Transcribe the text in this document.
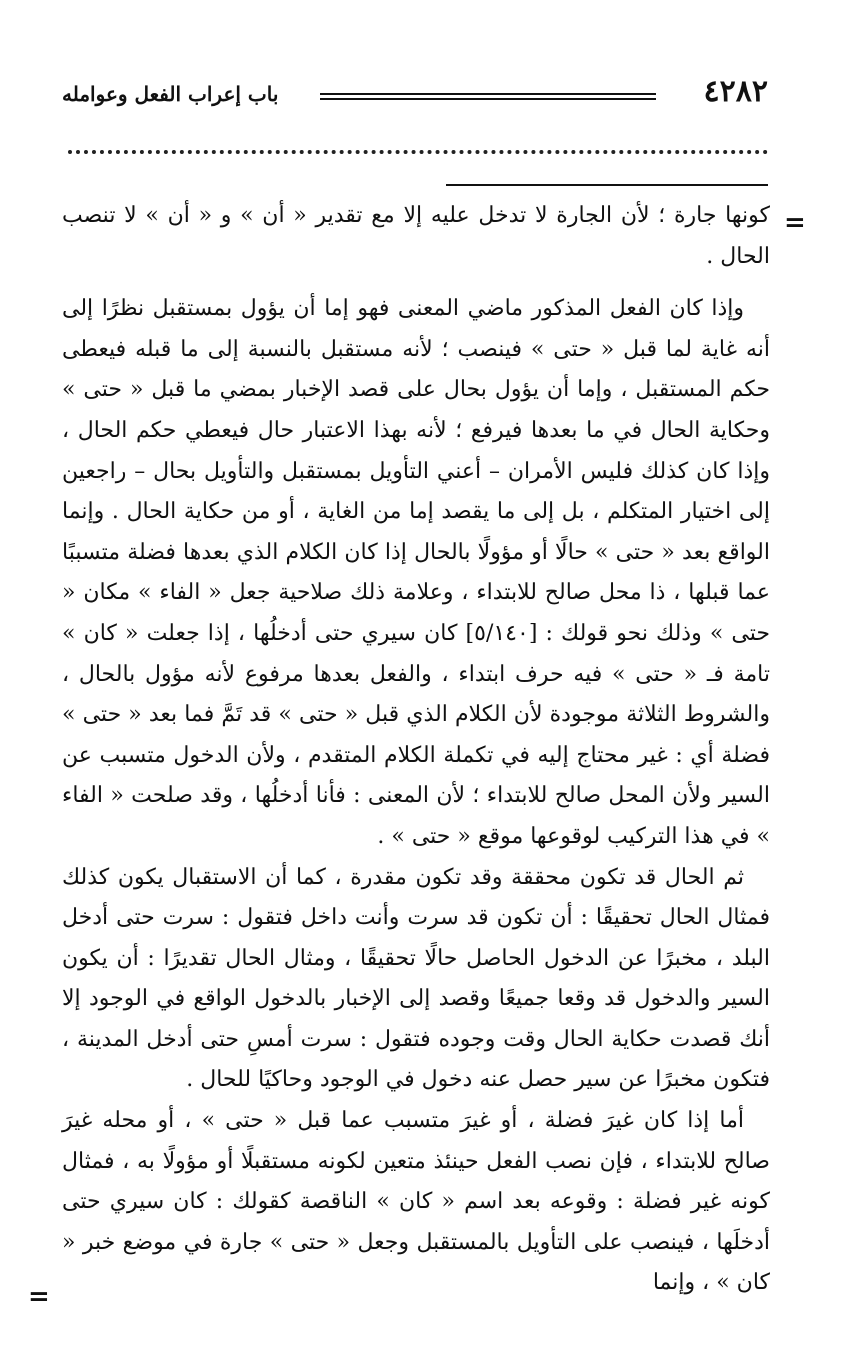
باب إعراب الفعل وعوامله	٤٢٨٢
=

كونها جارة ؛ لأن الجارة لا تدخل عليه إلا مع تقدير « أن » و « أن » لا تنصب الحال .

وإذا كان الفعل المذكور ماضي المعنى فهو إما أن يؤول بمستقبل نظرًا إلى أنه غاية لما قبل « حتى » فينصب ؛ لأنه مستقبل بالنسبة إلى ما قبله فيعطى حكم المستقبل ، وإما أن يؤول بحال على قصد الإخبار بمضي ما قبل « حتى » وحكاية الحال في ما بعدها فيرفع ؛ لأنه بهذا الاعتبار حال فيعطي حكم الحال ، وإذا كان كذلك فليس الأمران – أعني التأويل بمستقبل والتأويل بحال – راجعين إلى اختيار المتكلم ، بل إلى ما يقصد إما من الغاية ، أو من حكاية الحال . وإنما الواقع بعد « حتى » حالًا أو مؤولًا بالحال إذا كان الكلام الذي بعدها فضلة متسببًا عما قبلها ، ذا محل صالح للابتداء ، وعلامة ذلك صلاحية جعل « الفاء » مكان « حتى » وذلك نحو قولك : [٥/١٤٠] كان سيري حتى أدخلُها ، إذا جعلت « كان » تامة فـ « حتى » فيه حرف ابتداء ، والفعل بعدها مرفوع لأنه مؤول بالحال ، والشروط الثلاثة موجودة لأن الكلام الذي قبل « حتى » قد تَمَّ فما بعد « حتى » فضلة أي : غير محتاج إليه في تكملة الكلام المتقدم ، ولأن الدخول متسبب عن السير ولأن المحل صالح للابتداء ؛ لأن المعنى : فأنا أدخلُها ، وقد صلحت « الفاء » في هذا التركيب لوقوعها موقع « حتى » .

ثم الحال قد تكون محققة وقد تكون مقدرة ، كما أن الاستقبال يكون كذلك فمثال الحال تحقيقًا : أن تكون قد سرت وأنت داخل فتقول : سرت حتى أدخل البلد ، مخبرًا عن الدخول الحاصل حالًا تحقيقًا ، ومثال الحال تقديرًا : أن يكون السير والدخول قد وقعا جميعًا وقصد إلى الإخبار بالدخول الواقع في الوجود إلا أنك قصدت حكاية الحال وقت وجوده فتقول : سرت أمسِ حتى أدخل المدينة ، فتكون مخبرًا عن سير حصل عنه دخول في الوجود وحاكيًا للحال .

أما إذا كان غيرَ فضلة ، أو غيرَ متسبب عما قبل « حتى » ، أو محله غيرَ صالح للابتداء ، فإن نصب الفعل حينئذ متعين لكونه مستقبلًا أو مؤولًا به ، فمثال كونه غير فضلة : وقوعه بعد اسم « كان » الناقصة كقولك : كان سيري حتى أدخلَها ، فينصب على التأويل بالمستقبل وجعل « حتى » جارة في موضع خبر « كان » ، وإنما

=
